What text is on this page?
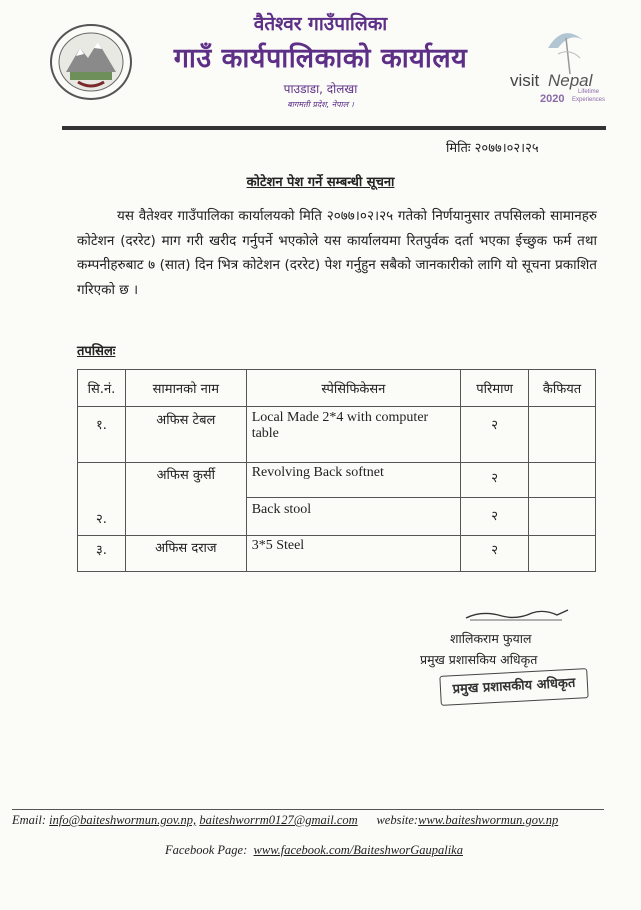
वैतेश्वर गाउँपालिका
गाउँ कार्यपालिकाको कार्यालय
पाउडाडा, दोलखा
बागमती प्रदेश, नेपाल ।
visit Nepal
2020
Lifetime
Experiences
मितिः २०७७।०२।२५
कोटेशन पेश गर्ने सम्बन्धी सूचना

यस वैतेश्वर गाउँपालिका कार्यालयको मिति २०७७।०२।२५ गतेको निर्णयानुसार तपसिलको सामानहरु कोटेशन (दररेट) माग गरी खरीद गर्नुपर्ने भएकोले यस कार्यालयमा रितपुर्वक दर्ता भएका ईच्छुक फर्म तथा कम्पनीहरुबाट ७ (सात) दिन भित्र कोटेशन (दररेट) पेश गर्नुहुन सबैको जानकारीको लागि यो सूचना प्रकाशित गरिएको छ ।

तपसिलः
सि.नं.	सामानको नाम	स्पेसिफिकेसन	परिमाण	कैफियत
१.	अफिस टेबल	Local Made 2*4 with computer table	२	
२.	अफिस कुर्सी	Revolving Back softnet	२	
		Back stool	२	
३.	अफिस दराज	3*5 Steel	२	
शालिकराम फुयाल
प्रमुख प्रशासकिय अधिकृत
प्रमुख प्रशासकीय अधिकृत
Email: info@baiteshwormun.gov.np, baiteshworrm0127@gmail.com website:www.baiteshwormun.gov.np
Facebook Page: www.facebook.com/BaiteshworGaupalika
